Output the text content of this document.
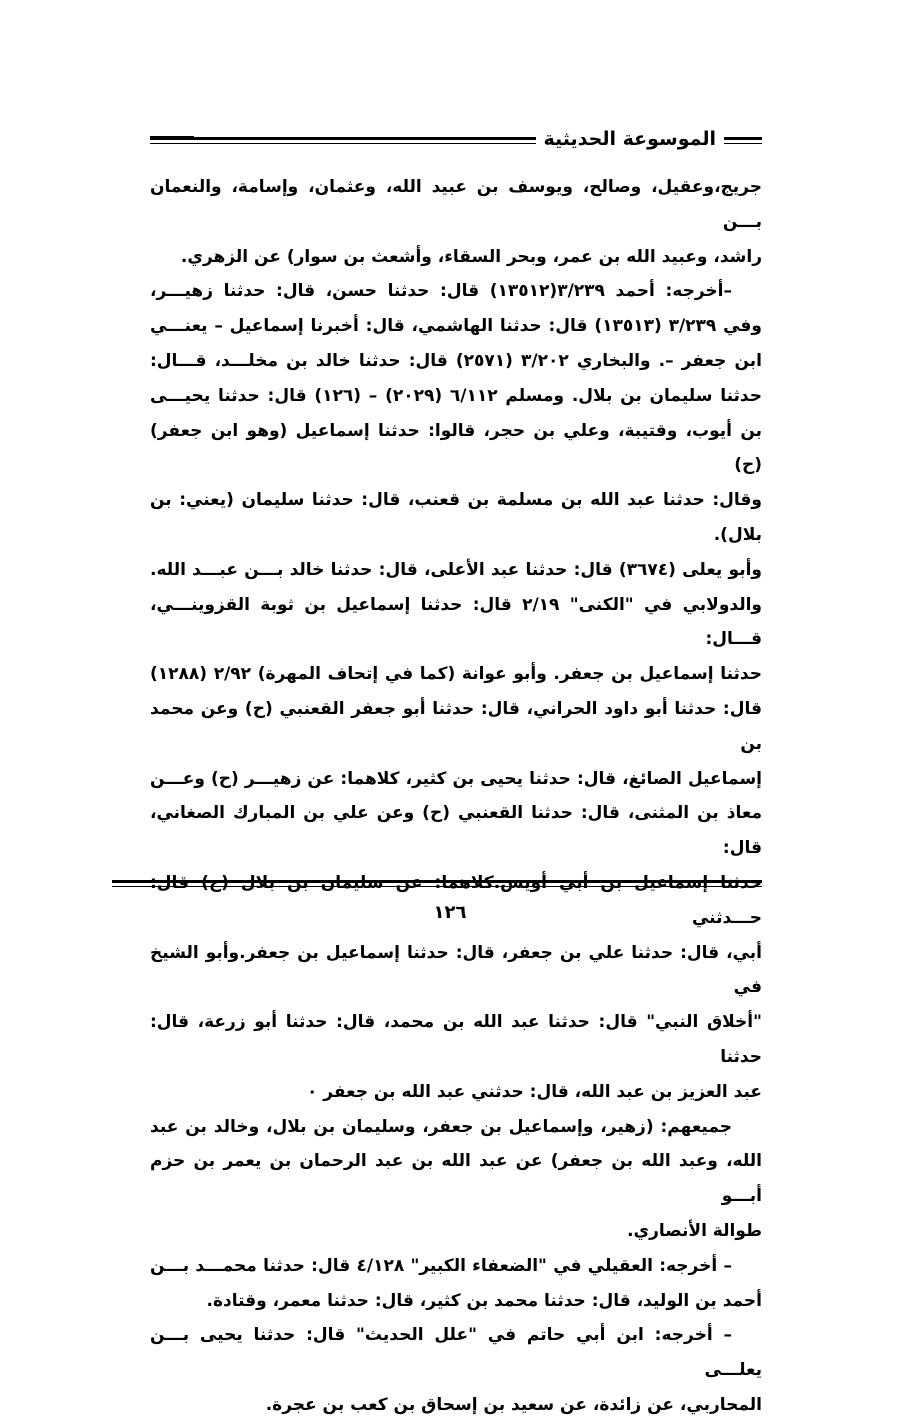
الموسوعة الحديثية

جريج،وعقيل، وصالح، ويوسف بن عبيد الله، وعثمان، وإسامة، والنعمان بـــن

راشد، وعبيد الله بن عمر، وبحر السقاء، وأشعث بن سوار) عن الزهري.

–أخرجه: أحمد ٣/٢٣٩(١٣٥١٢) قال: حدثنا حسن، قال: حدثنا زهيـــر،

وفي ٣/٢٣٩ (١٣٥١٣) قال: حدثنا الهاشمي، قال: أخبرنا إسماعيل – يعنـــي

ابن جعفر –. والبخاري ٣/٢٠٢ (٢٥٧١) قال: حدثنا خالد بن مخلـــد، قـــال:

حدثنا سليمان بن بلال. ومسلم ٦/١١٢ (٢٠٢٩) – (١٢٦) قال: حدثنا يحيـــى

بن أيوب، وقتيبة، وعلي بن حجر، قالوا: حدثنا إسماعيل (وهو ابن جعفر) (ح)

وقال: حدثنا عبد الله بن مسلمة بن قعنب، قال: حدثنا سليمان (يعني: بن بلال).

وأبو يعلى (٣٦٧٤) قال: حدثنا عبد الأعلى، قال: حدثنا خالد بـــن عبـــد الله.

والدولابي في "الكنى" ٢/١٩ قال: حدثنا إسماعيل بن ثوبة القزوينـــي، قـــال:

حدثنا إسماعيل بن جعفر. وأبو عوانة (كما في إتحاف المهرة) ٢/٩٢ (١٢٨٨)

قال: حدثنا أبو داود الحراني، قال: حدثنا أبو جعفر القعنبي (ح) وعن محمد بن

إسماعيل الصائغ، قال: حدثنا يحيى بن كثير، كلاهما: عن زهيـــر (ح) وعـــن

معاذ بن المثنى، قال: حدثنا القعنبي (ح) وعن علي بن المبارك الصغاني، قال:

حدثنا إسماعيل بن أبي أويس.كلاهما: عن سليمان بن بلال (ح) قال: حـــدثني

أبي، قال: حدثنا علي بن جعفر، قال: حدثنا إسماعيل بن جعفر.وأبو الشيخ في

"أخلاق النبي" قال: حدثنا عبد الله بن محمد، قال: حدثنا أبو زرعة، قال: حدثنا

عبد العزيز بن عبد الله، قال: حدثني عبد الله بن جعفر ٠

جميعهم: (زهير، وإسماعيل بن جعفر، وسليمان بن بلال، وخالد بن عبد

الله، وعبد الله بن جعفر) عن عبد الله بن عبد الرحمان بن يعمر بن حزم أبـــو

طوالة الأنصاري.

– أخرجه: العقيلي في "الضعفاء الكبير" ٤/١٢٨ قال: حدثنا محمـــد بـــن

أحمد بن الوليد، قال: حدثنا محمد بن كثير، قال: حدثنا معمر، وقتادة.

– أخرجه: ابن أبي حاتم في "علل الحديث" قال: حدثنا يحيى بـــن يعلـــى

المحاربي، عن زائدة، عن سعيد بن إسحاق بن كعب بن عجرة.

١٢٦
